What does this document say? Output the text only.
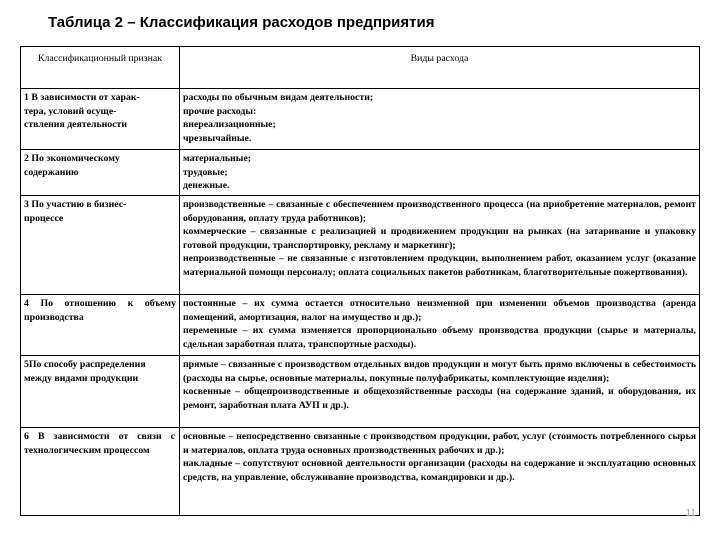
Таблица 2 – Классификация расходов предприятия
Классификационный признак	Виды расхода
1 В зависимости от харак-тера, условий осуще-ствления деятельности	расходы по обычным видам деятельности;
прочие расходы:
внереализационные;
чрезвычайные.

2 По экономическому содержанию	материальные;
трудовые;
денежные.

3 По участию в бизнес-процессе	производственные – связанные с обеспечением производственного процесса (на приобретение материалов, ремонт оборудования, оплату труда работников);
коммерческие – связанные с реализацией и продвижением продукции на рынках (на затаривание и упаковку готовой продукции, транспортировку, рекламу и маркетинг);
непроизводственные – не связанные с изготовлением продукции, выполнением работ, оказанием услуг (оказание материальной помощи персоналу; оплата социальных пакетов работникам, благотворительные пожертвования).

4 По отношению к объему производства	постоянные – их сумма остается относительно неизменной при изменении объемов производства (аренда помещений, амортизация, налог на имущество и др.);
переменные – их сумма изменяется пропорционально объему производства продукции (сырье и материалы, сдельная заработная плата, транспортные расходы).

5По способу распределения между видами продукции	прямые – связанные с производством отдельных видов продукции и могут быть прямо включены в себестоимость (расходы на сырье, основные материалы, покупные полуфабрикаты, комплектующие изделия);
косвенные – общепроизводственные и общехозяйственные расходы (на содержание зданий, и оборудования, их ремонт, заработная плата АУП и др.).

6 В зависимости от связи с технологическим процессом	основные – непосредственно связанные с производством продукции, работ, услуг (стоимость потребленного сырья и материалов, оплата труда основных производственных рабочих и др.);
накладные – сопутствуют основной деятельности организации (расходы на содержание и эксплуатацию основных средств, на управление, обслуживание производства, командировки и др.).
11
